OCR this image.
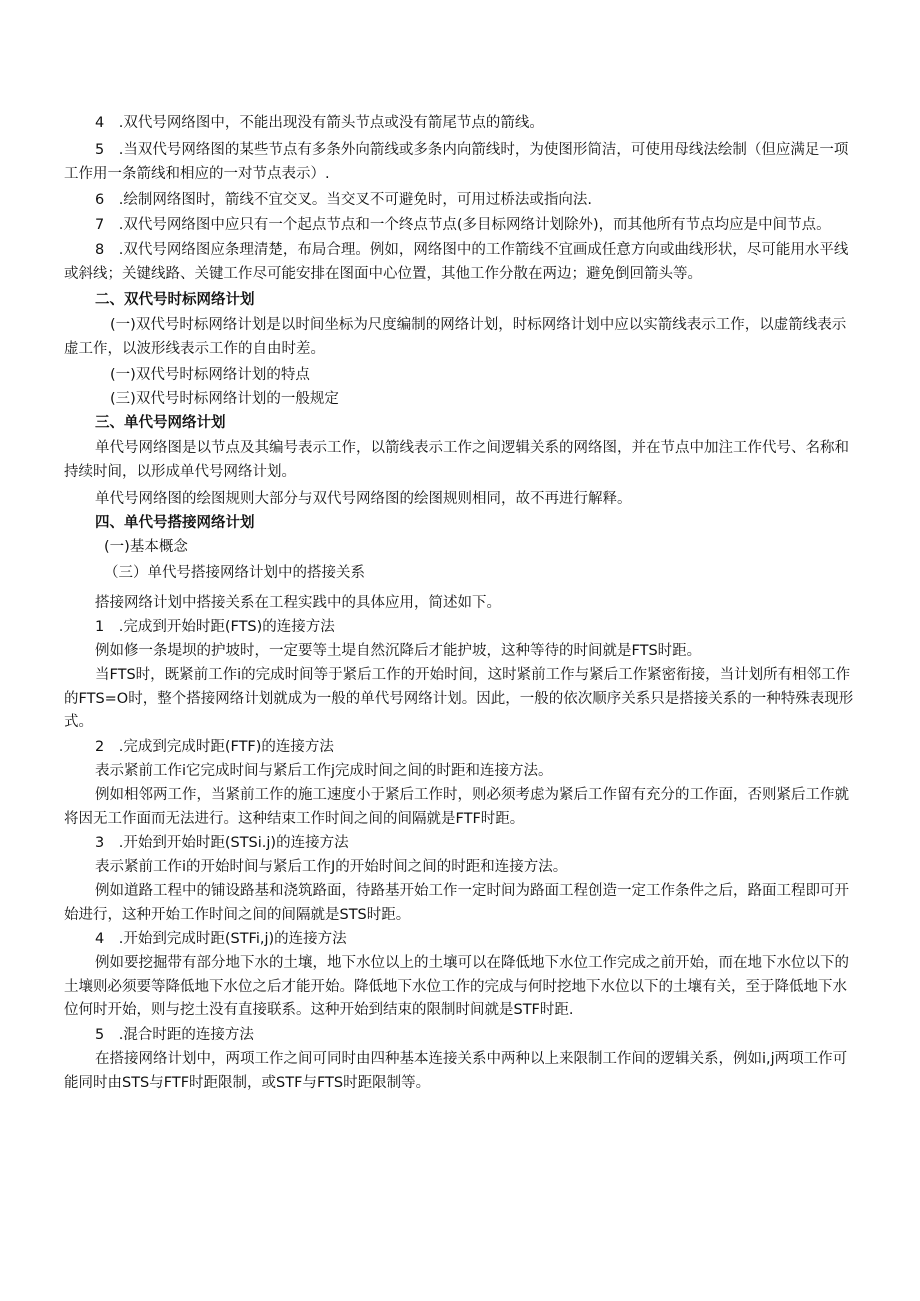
4　.双代号网络图中，不能出现没有箭头节点或没有箭尾节点的箭线。

5　.当双代号网络图的某些节点有多条外向箭线或多条内向箭线时，为使图形简洁，可使用母线法绘制（但应满足一项工作用一条箭线和相应的一对节点表示）.

6　.绘制网络图时，箭线不宜交叉。当交叉不可避免时，可用过桥法或指向法.

7　.双代号网络图中应只有一个起点节点和一个终点节点(多目标网络计划除外)，而其他所有节点均应是中间节点。

8　.双代号网络图应条理清楚，布局合理。例如，网络图中的工作箭线不宜画成任意方向或曲线形状，尽可能用水平线或斜线；关键线路、关键工作尽可能安排在图面中心位置，其他工作分散在两边；避免倒回箭头等。

二、双代号时标网络计划

(一)双代号时标网络计划是以时间坐标为尺度编制的网络计划，时标网络计划中应以实箭线表示工作，以虚箭线表示虚工作，以波形线表示工作的自由时差。

(一)双代号时标网络计划的特点

(三)双代号时标网络计划的一般规定

三、单代号网络计划

单代号网络图是以节点及其编号表示工作，以箭线表示工作之间逻辑关系的网络图，并在节点中加注工作代号、名称和持续时间，以形成单代号网络计划。

单代号网络图的绘图规则大部分与双代号网络图的绘图规则相同，故不再进行解释。

四、单代号搭接网络计划

(一)基本概念

（三）单代号搭接网络计划中的搭接关系

搭接网络计划中搭接关系在工程实践中的具体应用，简述如下。

1　.完成到开始时距(FTS)的连接方法

例如修一条堤坝的护坡时，一定要等土堤自然沉降后才能护坡，这种等待的时间就是FTS时距。

当FTS时，既紧前工作i的完成时间等于紧后工作的开始时间，这时紧前工作与紧后工作紧密衔接，当计划所有相邻工作的FTS=O时，整个搭接网络计划就成为一般的单代号网络计划。因此，一般的依次顺序关系只是搭接关系的一种特殊表现形式。

2　.完成到完成时距(FTF)的连接方法

表示紧前工作i它完成时间与紧后工作j完成时间之间的时距和连接方法。

例如相邻两工作，当紧前工作的施工速度小于紧后工作时，则必须考虑为紧后工作留有充分的工作面，否则紧后工作就将因无工作面而无法进行。这种结束工作时间之间的间隔就是FTF时距。

3　.开始到开始时距(STSi.j)的连接方法

表示紧前工作i的开始时间与紧后工作J的开始时间之间的时距和连接方法。

例如道路工程中的铺设路基和浇筑路面，待路基开始工作一定时间为路面工程创造一定工作条件之后，路面工程即可开始进行，这种开始工作时间之间的间隔就是STS时距。

4　.开始到完成时距(STFi,j)的连接方法

例如要挖掘带有部分地下水的土壤，地下水位以上的土壤可以在降低地下水位工作完成之前开始，而在地下水位以下的土壤则必须要等降低地下水位之后才能开始。降低地下水位工作的完成与何时挖地下水位以下的土壤有关，至于降低地下水位何时开始，则与挖土没有直接联系。这种开始到结束的限制时间就是STF时距.

5　.混合时距的连接方法

在搭接网络计划中，两项工作之间可同时由四种基本连接关系中两种以上来限制工作间的逻辑关系，例如i,j两项工作可能同时由STS与FTF时距限制，或STF与FTS时距限制等。
